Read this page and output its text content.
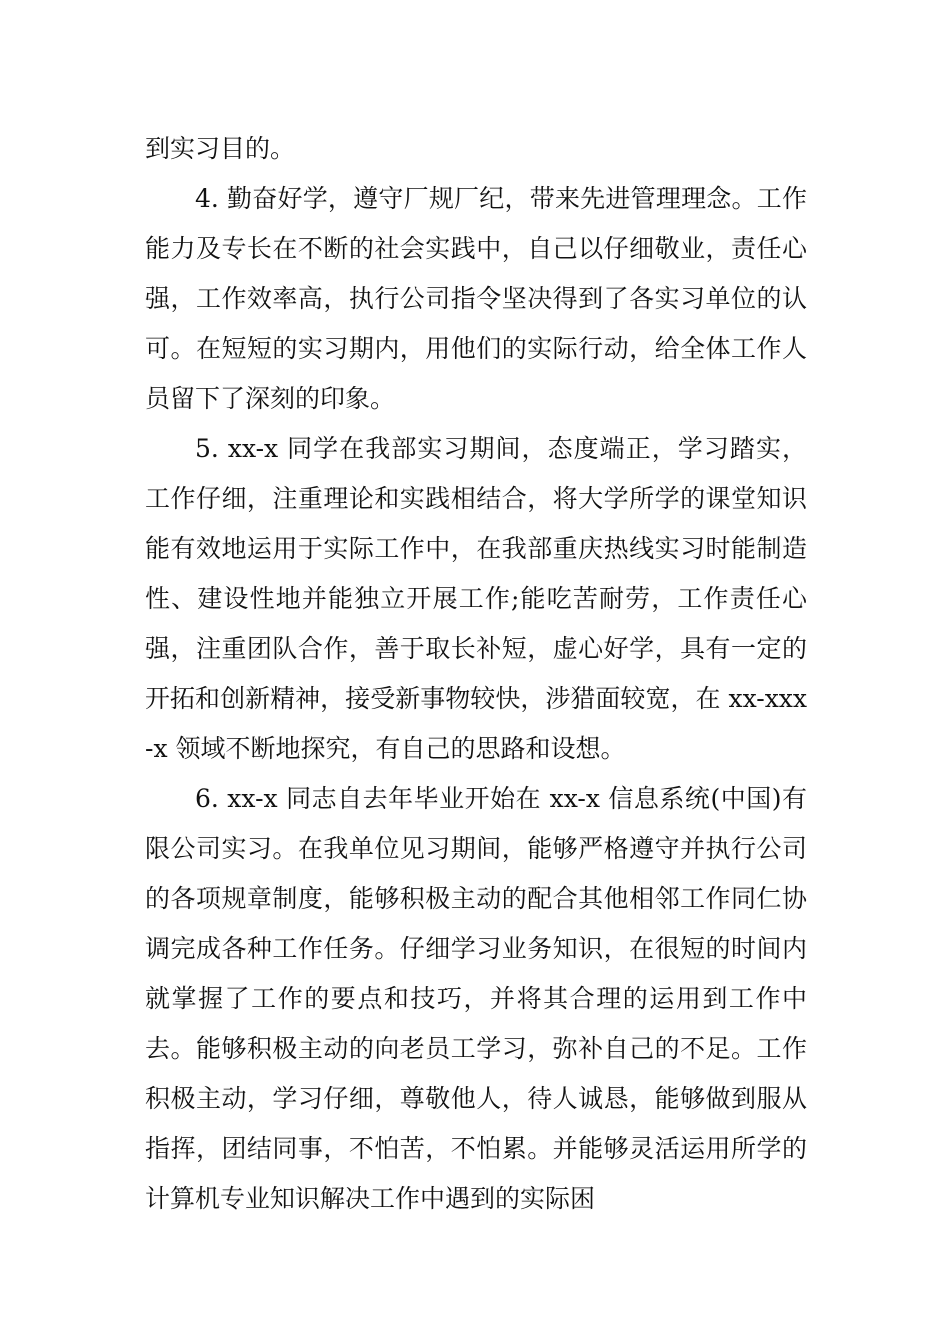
到实习目的。

4. 勤奋好学，遵守厂规厂纪，带来先进管理理念。工作能力及专长在不断的社会实践中，自己以仔细敬业，责任心强，工作效率高，执行公司指令坚决得到了各实习单位的认可。在短短的实习期内，用他们的实际行动，给全体工作人员留下了深刻的印象。

5. xx-x 同学在我部实习期间，态度端正，学习踏实，工作仔细，注重理论和实践相结合，将大学所学的课堂知识能有效地运用于实际工作中，在我部重庆热线实习时能制造性、建设性地并能独立开展工作;能吃苦耐劳，工作责任心强，注重团队合作，善于取长补短，虚心好学，具有一定的开拓和创新精神，接受新事物较快，涉猎面较宽，在 xx-xxx-x 领域不断地探究，有自己的思路和设想。

6. xx-x 同志自去年毕业开始在 xx-x 信息系统(中国)有限公司实习。在我单位见习期间，能够严格遵守并执行公司的各项规章制度，能够积极主动的配合其他相邻工作同仁协调完成各种工作任务。仔细学习业务知识，在很短的时间内就掌握了工作的要点和技巧，并将其合理的运用到工作中去。能够积极主动的向老员工学习，弥补自己的不足。工作积极主动，学习仔细，尊敬他人，待人诚恳，能够做到服从指挥，团结同事，不怕苦，不怕累。并能够灵活运用所学的计算机专业知识解决工作中遇到的实际困
